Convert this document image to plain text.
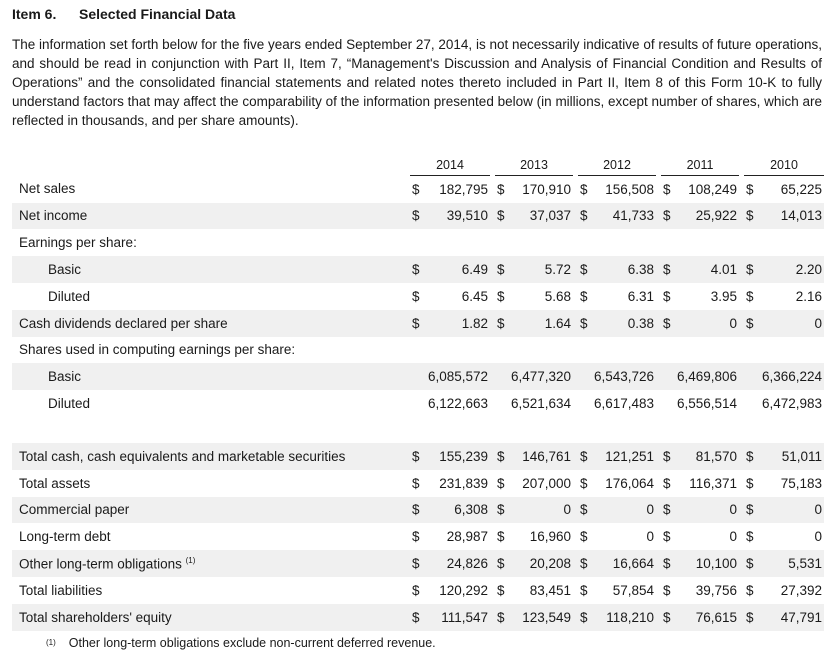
Item 6. Selected Financial Data
The information set forth below for the five years ended September 27, 2014, is not necessarily indicative of results of future operations, and should be read in conjunction with Part II, Item 7, “Management's Discussion and Analysis of Financial Condition and Results of Operations” and the consolidated financial statements and related notes thereto included in Part II, Item 8 of this Form 10-K to fully understand factors that may affect the comparability of the information presented below (in millions, except number of shares, which are reflected in thousands, and per share amounts).
	2014			2013			2012			2011			2010	
Net sales	$	182,795		$	170,910		$	156,508		$	108,249		$	65,225
Net income	$	39,510		$	37,037		$	41,733		$	25,922		$	14,013
Earnings per share:														
Basic	$	6.49		$	5.72		$	6.38		$	4.01		$	2.20
Diluted	$	6.45		$	5.68		$	6.31		$	3.95		$	2.16
Cash dividends declared per share	$	1.82		$	1.64		$	0.38		$	0		$	0
Shares used in computing earnings per share:														
Basic	6,085,572			6,477,320			6,543,726			6,469,806			6,366,224	
Diluted	6,122,663			6,521,634			6,617,483			6,556,514			6,472,983	

Total cash, cash equivalents and marketable securities	$	155,239		$	146,761		$	121,251		$	81,570		$	51,011
Total assets	$	231,839		$	207,000		$	176,064		$	116,371		$	75,183
Commercial paper	$	6,308		$	0		$	0		$	0		$	0
Long-term debt	$	28,987		$	16,960		$	0		$	0		$	0
Other long-term obligations $^{(1)}$	$	24,826		$	20,208		$	16,664		$	10,100		$	5,531
Total liabilities	$	120,292		$	83,451		$	57,854		$	39,756		$	27,392
Total shareholders' equity	$	111,547		$	123,549		$	118,210		$	76,615		$	47,791
$^{(1)}$ Other long-term obligations exclude non-current deferred revenue.
